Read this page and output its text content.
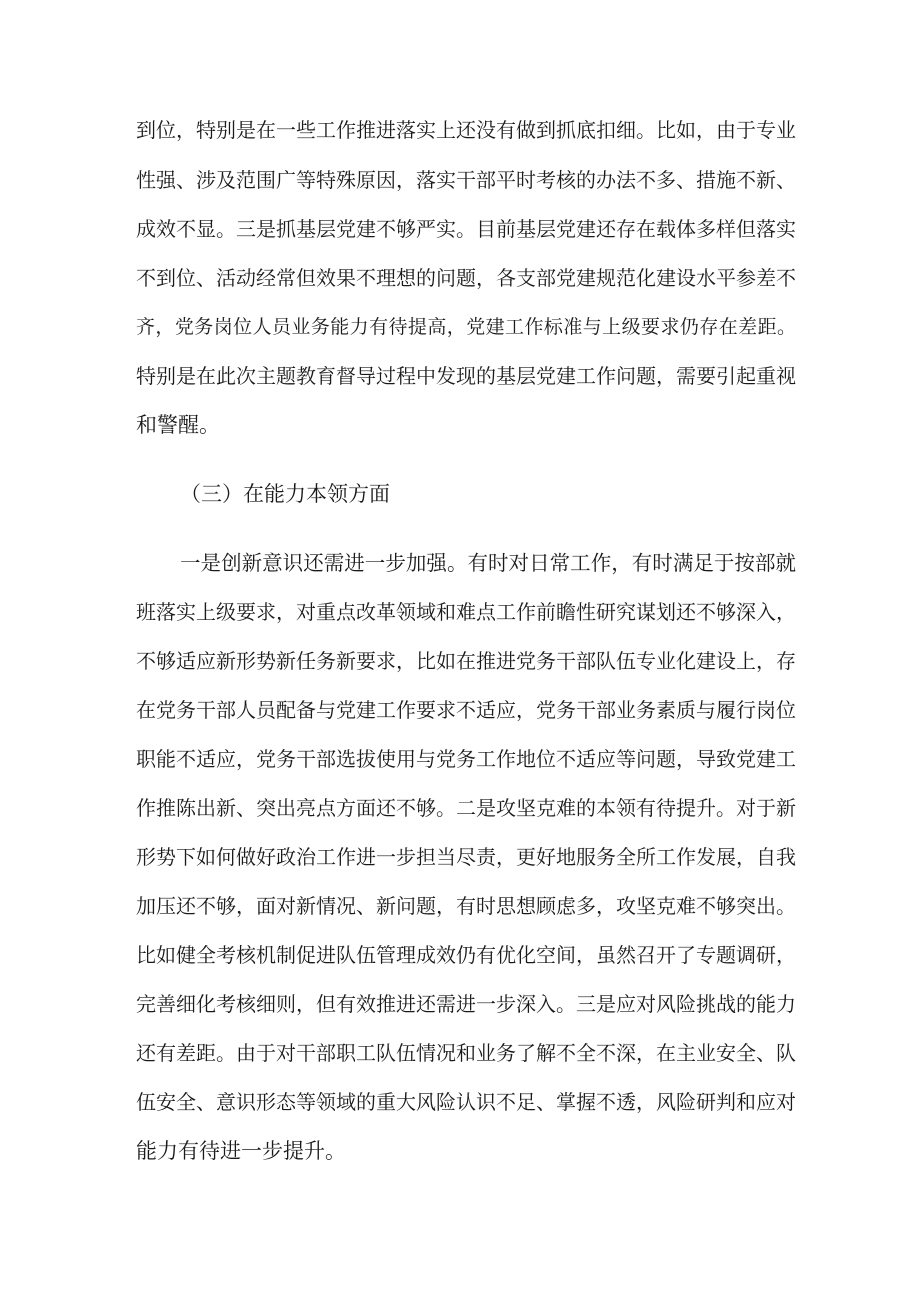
到位，特别是在一些工作推进落实上还没有做到抓底扣细。比如，由于专业
性强、涉及范围广等特殊原因，落实干部平时考核的办法不多、措施不新、
成效不显。三是抓基层党建不够严实。目前基层党建还存在载体多样但落实
不到位、活动经常但效果不理想的问题，各支部党建规范化建设水平参差不
齐，党务岗位人员业务能力有待提高，党建工作标准与上级要求仍存在差距。
特别是在此次主题教育督导过程中发现的基层党建工作问题，需要引起重视
和警醒。
（三）在能力本领方面
一是创新意识还需进一步加强。有时对日常工作，有时满足于按部就
班落实上级要求，对重点改革领域和难点工作前瞻性研究谋划还不够深入，
不够适应新形势新任务新要求，比如在推进党务干部队伍专业化建设上，存
在党务干部人员配备与党建工作要求不适应，党务干部业务素质与履行岗位
职能不适应，党务干部选拔使用与党务工作地位不适应等问题，导致党建工
作推陈出新、突出亮点方面还不够。二是攻坚克难的本领有待提升。对于新
形势下如何做好政治工作进一步担当尽责，更好地服务全所工作发展，自我
加压还不够，面对新情况、新问题，有时思想顾虑多，攻坚克难不够突出。
比如健全考核机制促进队伍管理成效仍有优化空间，虽然召开了专题调研，
完善细化考核细则，但有效推进还需进一步深入。三是应对风险挑战的能力
还有差距。由于对干部职工队伍情况和业务了解不全不深，在主业安全、队
伍安全、意识形态等领域的重大风险认识不足、掌握不透，风险研判和应对
能力有待进一步提升。
